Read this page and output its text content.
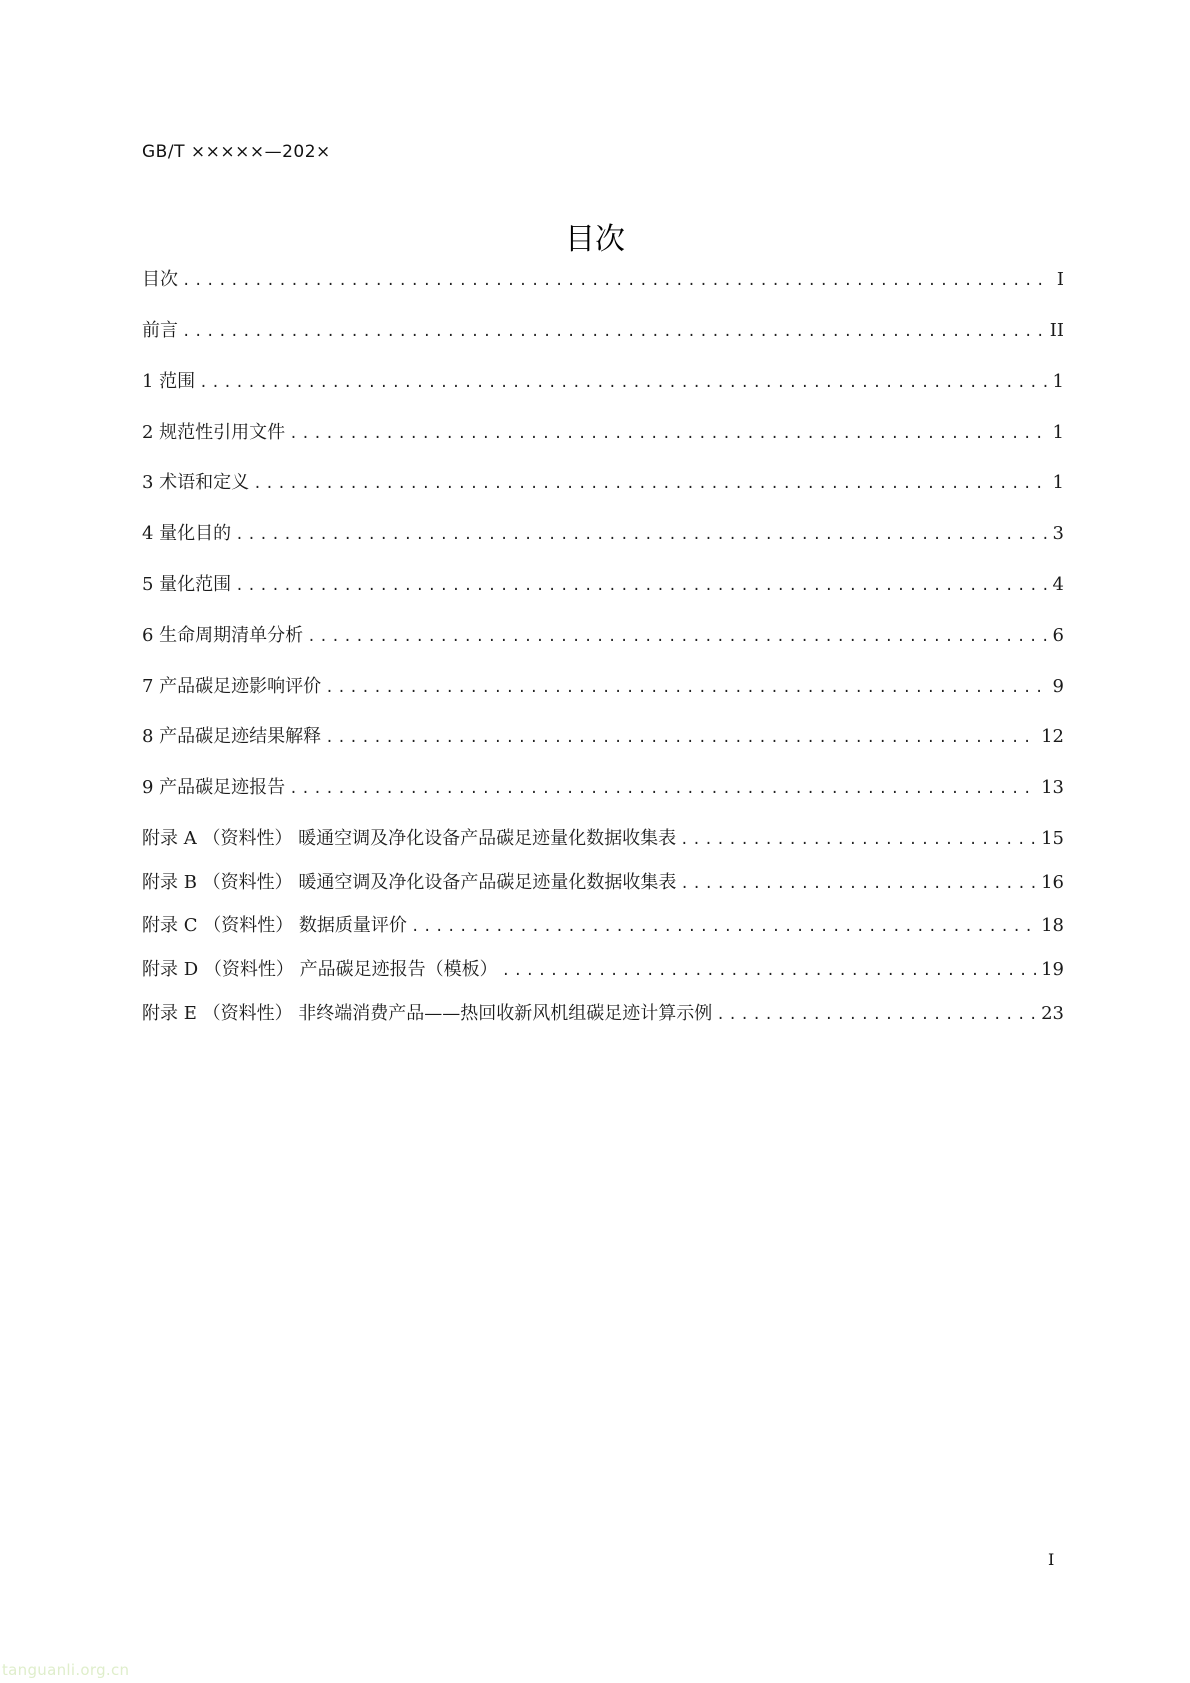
GB/T ×××××—202×
目次
目次 .....	I
前言 .....	II
1 范围 .....	1
2 规范性引用文件 .....	1
3 术语和定义 .....	1
4 量化目的 .....	3
5 量化范围 .....	4
6 生命周期清单分析 .....	6
7 产品碳足迹影响评价 .....	9
8 产品碳足迹结果解释 .....	12
9 产品碳足迹报告 .....	13
附录 A （资料性） 暖通空调及净化设备产品碳足迹量化数据收集表 .....	15
附录 B （资料性） 暖通空调及净化设备产品碳足迹量化数据收集表 .....	16
附录 C （资料性） 数据质量评价 .....	18
附录 D （资料性） 产品碳足迹报告（模板） .....	19
附录 E （资料性） 非终端消费产品——热回收新风机组碳足迹计算示例 .....	23
I
tanguanli.org.cn
